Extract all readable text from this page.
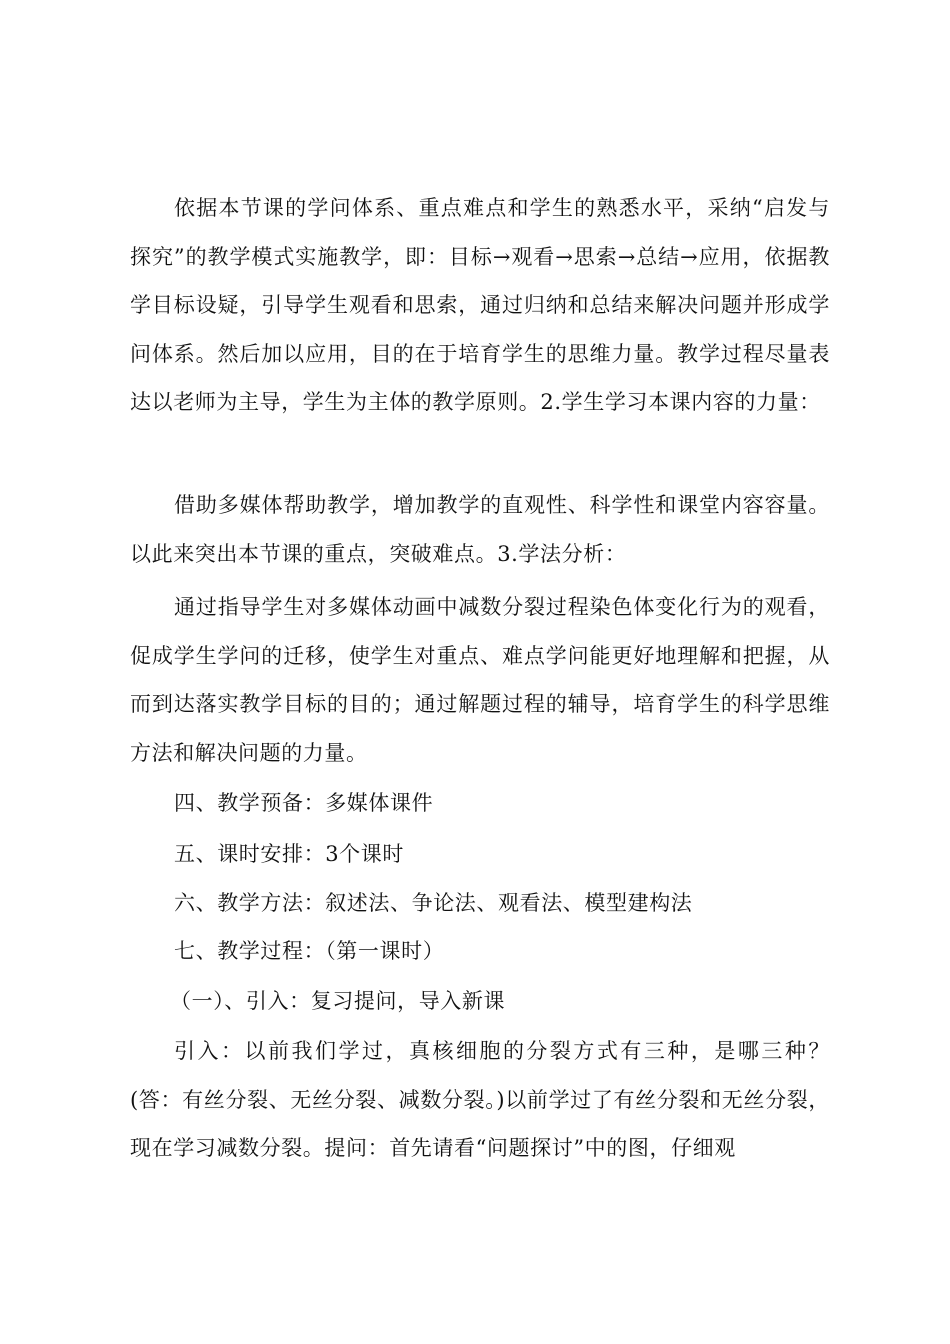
依据本节课的学问体系、重点难点和学生的熟悉水平，采纳“启发与探究”的教学模式实施教学，即：目标→观看→思索→总结→应用，依据教学目标设疑，引导学生观看和思索，通过归纳和总结来解决问题并形成学问体系。然后加以应用，目的在于培育学生的思维力量。教学过程尽量表达以老师为主导，学生为主体的教学原则。2.学生学习本课内容的力量：

借助多媒体帮助教学，增加教学的直观性、科学性和课堂内容容量。以此来突出本节课的重点，突破难点。3.学法分析：

通过指导学生对多媒体动画中减数分裂过程染色体变化行为的观看，促成学生学问的迁移，使学生对重点、难点学问能更好地理解和把握，从而到达落实教学目标的目的；通过解题过程的辅导，培育学生的科学思维方法和解决问题的力量。

四、教学预备：多媒体课件

五、课时安排：3个课时

六、教学方法：叙述法、争论法、观看法、模型建构法

七、教学过程：（第一课时）

（一）、引入：复习提问，导入新课

引入：以前我们学过，真核细胞的分裂方式有三种，是哪三种？(答：有丝分裂、无丝分裂、减数分裂。)以前学过了有丝分裂和无丝分裂，现在学习减数分裂。提问：首先请看“问题探讨”中的图，仔细观
